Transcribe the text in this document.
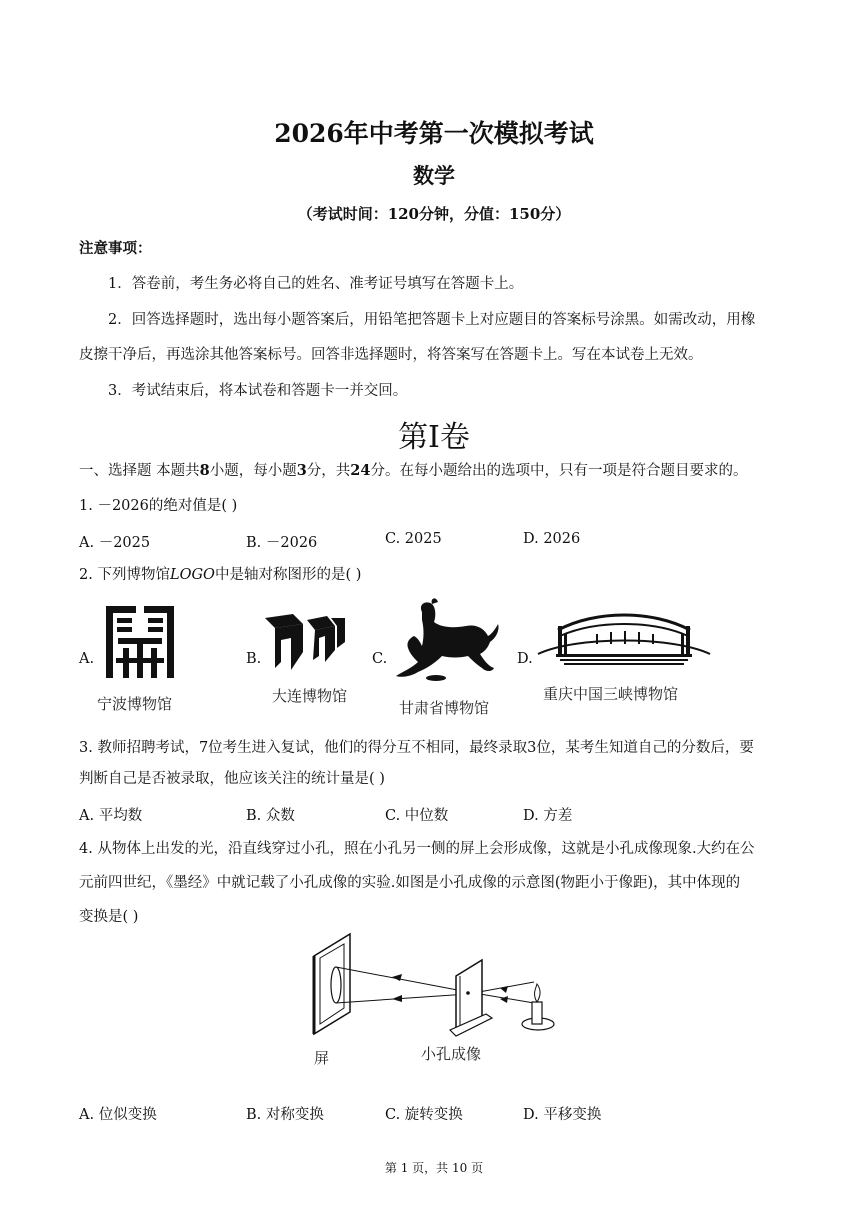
2026年中考第一次模拟考试
数学
（考试时间：120分钟，分值：150分）
注意事项：
1．答卷前，考生务必将自己的姓名、准考证号填写在答题卡上。
2．回答选择题时，选出每小题答案后，用铅笔把答题卡上对应题目的答案标号涂黑。如需改动，用橡
皮擦干净后，再选涂其他答案标号。回答非选择题时，将答案写在答题卡上。写在本试卷上无效。
3．考试结束后，将本试卷和答题卡一并交回。
第Ⅰ卷
一、选择题 本题共8小题，每小题3分，共24分。在每小题给出的选项中，只有一项是符合题目要求的。
1. －2026的绝对值是( )
A. －2025	B. －2026	C. 2025	D. 2026
2. 下列博物馆LOGO中是轴对称图形的是( )
A.	B.	C.	D.
宁波博物馆	大连博物馆
甘肃省博物馆
重庆中国三峡博物馆
3. 教师招聘考试，7位考生进入复试，他们的得分互不相同，最终录取3位，某考生知道自己的分数后，要
判断自己是否被录取，他应该关注的统计量是( )
A. 平均数	B. 众数	C. 中位数	D. 方差
4. 从物体上出发的光，沿直线穿过小孔，照在小孔另一侧的屏上会形成像，这就是小孔成像现象.大约在公
元前四世纪，《墨经》中就记载了小孔成像的实验.如图是小孔成像的示意图(物距小于像距)，其中体现的
变换是( )
屏	小孔成像
A. 位似变换	B. 对称变换	C. 旋转变换	D. 平移变换
第 1 页，共 10 页
